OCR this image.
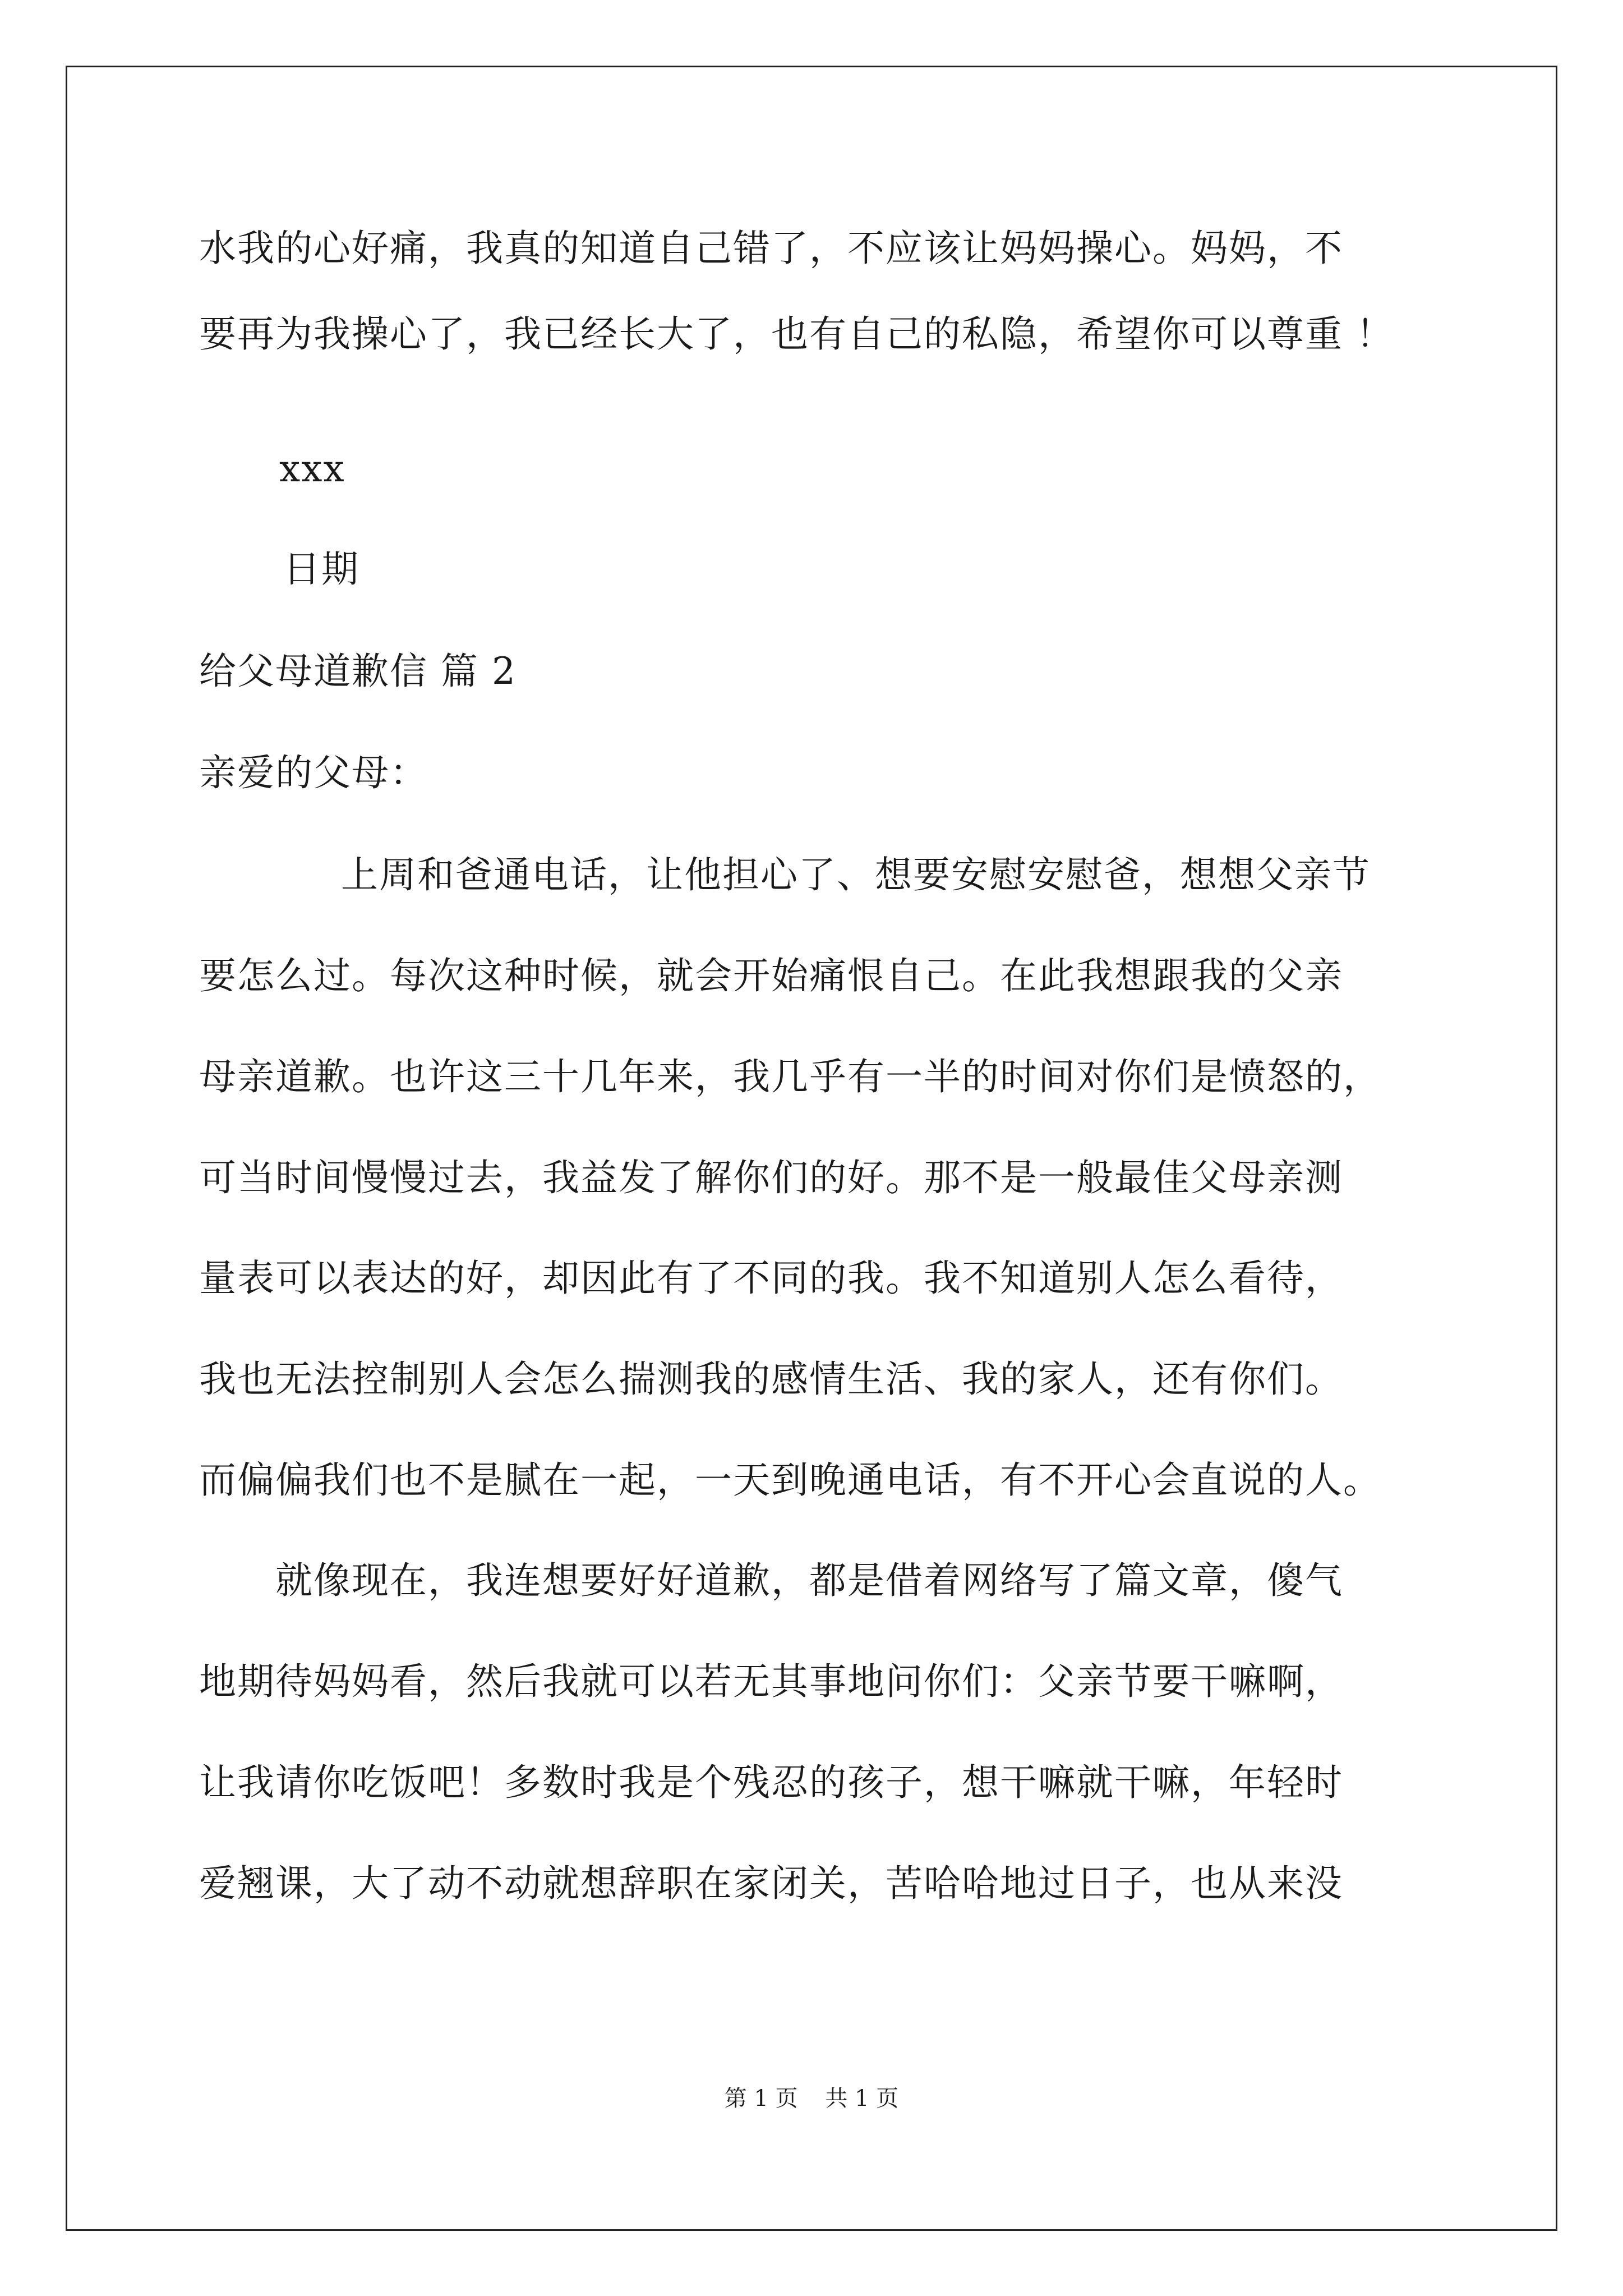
水我的心好痛，我真的知道自己错了，不应该让妈妈操心。妈妈，不
要再为我操心了，我已经长大了，也有自己的私隐，希望你可以尊重 ！
xxx
日期
给父母道歉信 篇 2
亲爱的父母：
上周和爸通电话，让他担心了、想要安慰安慰爸，想想父亲节
要怎么过。每次这种时候，就会开始痛恨自己。在此我想跟我的父亲
母亲道歉。也许这三十几年来，我几乎有一半的时间对你们是愤怒的，
可当时间慢慢过去，我益发了解你们的好。那不是一般最佳父母亲测
量表可以表达的好，却因此有了不同的我。我不知道别人怎么看待，
我也无法控制别人会怎么揣测我的感情生活、我的家人，还有你们。
而偏偏我们也不是腻在一起，一天到晚通电话，有不开心会直说的人。
就像现在，我连想要好好道歉，都是借着网络写了篇文章，傻气
地期待妈妈看，然后我就可以若无其事地问你们：父亲节要干嘛啊，
让我请你吃饭吧！多数时我是个残忍的孩子，想干嘛就干嘛，年轻时
爱翘课，大了动不动就想辞职在家闭关，苦哈哈地过日子，也从来没
第 1 页 共 1 页
